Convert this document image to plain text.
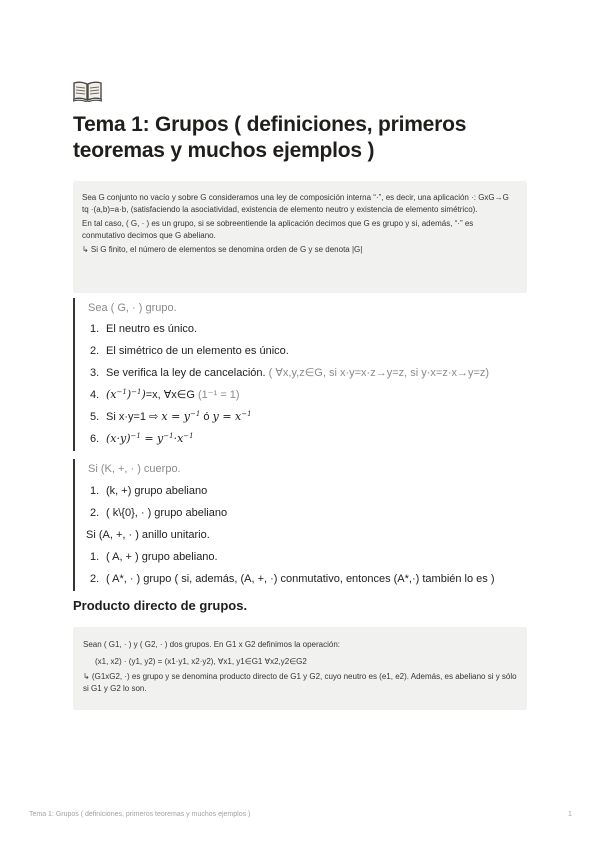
Tema 1: Grupos ( definiciones, primeros teoremas y muchos ejemplos )

Sea G conjunto no vacío y sobre G consideramos una ley de composición interna “·”, es decir, una aplicación ·: GxG→G tq ·(a,b)=a·b, (satisfaciendo la asociatividad, existencia de elemento neutro y existencia de elemento simétrico).

En tal caso, ( G, · ) es un grupo, si se sobreentiende la aplicación decimos que G es grupo y si, además, “·” es conmutativo decimos que G abeliano.

↳ Si G finito, el número de elementos se denomina orden de G y se denota |G|

Sea ( G, · ) grupo.
1. El neutro es único.
2. El simétrico de un elemento es único.
3. Se verifica la ley de cancelación. ( ∀x,y,z∈G, si x·y=x·z→y=z, si y·x=z·x→y=z)
4. $(x^{-1})^{-1})=x$, ∀x∈G (1⁻¹ = 1)
5. Si x·y=1 ⇨ $x = y^{-1}$ ó $y = x^{-1}$
6. $(x\cdot y)^{-1} = y^{-1}\cdot x^{-1}$
Si (K, +, · ) cuerpo.
1. (k, +) grupo abeliano
2. ( k\{0}, · ) grupo abeliano
Si (A, +, · ) anillo unitario.
1. ( A, + ) grupo abeliano.
2. ( A*, · ) grupo ( si, además, (A, +, ·) conmutativo, entonces (A*,·) también lo es )
Producto directo de grupos.

Sean ( G1, · ) y ( G2, · ) dos grupos. En G1 x G2 definimos la operación:

(x1, x2) · (y1, y2) = (x1·y1, x2·y2), ∀x1, y1∈G1 ∀x2,y2∈G2

↳ (G1xG2, ·) es grupo y se denomina producto directo de G1 y G2, cuyo neutro es (e1, e2). Además, es abeliano si y sólo si G1 y G2 lo son.

Tema 1: Grupos ( definiciones, primeros teoremas y muchos ejemplos )	1
